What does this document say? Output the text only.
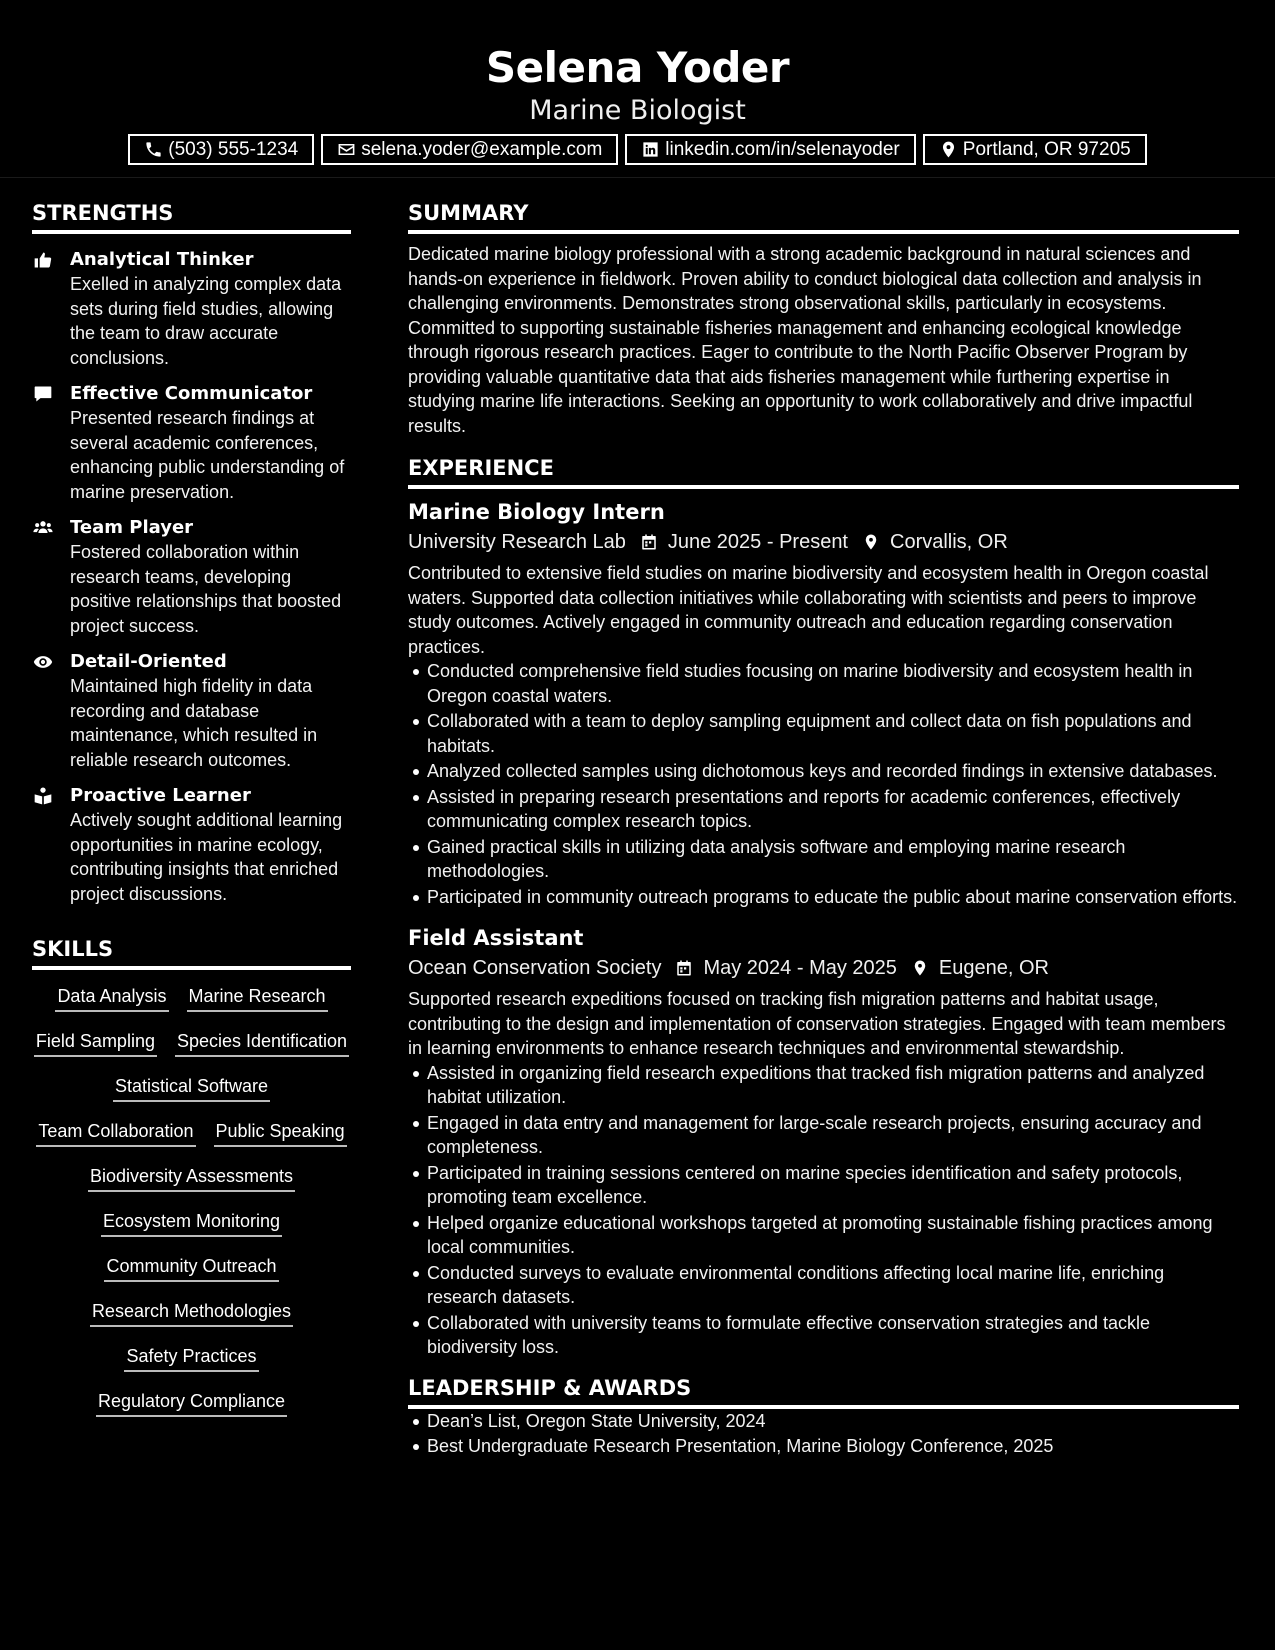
Selena Yoder
Marine Biologist
(503) 555-1234	selena.yoder@example.com	linkedin.com/in/selenayoder	Portland, OR 97205
STRENGTHS
Analytical Thinker
Exelled in analyzing complex data sets during field studies, allowing the team to draw accurate conclusions.
Effective Communicator
Presented research findings at several academic conferences, enhancing public understanding of marine preservation.
Team Player
Fostered collaboration within research teams, developing positive relationships that boosted project success.
Detail-Oriented
Maintained high fidelity in data recording and database maintenance, which resulted in reliable research outcomes.
Proactive Learner
Actively sought additional learning opportunities in marine ecology, contributing insights that enriched project discussions.
SKILLS
Data Analysis Marine Research
Field Sampling Species Identification
Statistical Software
Team Collaboration Public Speaking
Biodiversity Assessments
Ecosystem Monitoring
Community Outreach
Research Methodologies
Safety Practices
Regulatory Compliance
SUMMARY
Dedicated marine biology professional with a strong academic background in natural sciences and hands-on experience in fieldwork. Proven ability to conduct biological data collection and analysis in challenging environments. Demonstrates strong observational skills, particularly in ecosystems. Committed to supporting sustainable fisheries management and enhancing ecological knowledge through rigorous research practices. Eager to contribute to the North Pacific Observer Program by providing valuable quantitative data that aids fisheries management while furthering expertise in studying marine life interactions. Seeking an opportunity to work collaboratively and drive impactful results.
EXPERIENCE
Marine Biology Intern
University Research Lab June 2025 - Present Corvallis, OR
Contributed to extensive field studies on marine biodiversity and ecosystem health in Oregon coastal waters. Supported data collection initiatives while collaborating with scientists and peers to improve study outcomes. Actively engaged in community outreach and education regarding conservation practices.
Conducted comprehensive field studies focusing on marine biodiversity and ecosystem health in Oregon coastal waters.
Collaborated with a team to deploy sampling equipment and collect data on fish populations and habitats.
Analyzed collected samples using dichotomous keys and recorded findings in extensive databases.
Assisted in preparing research presentations and reports for academic conferences, effectively communicating complex research topics.
Gained practical skills in utilizing data analysis software and employing marine research methodologies.
Participated in community outreach programs to educate the public about marine conservation efforts.
Field Assistant
Ocean Conservation Society May 2024 - May 2025 Eugene, OR
Supported research expeditions focused on tracking fish migration patterns and habitat usage, contributing to the design and implementation of conservation strategies. Engaged with team members in learning environments to enhance research techniques and environmental stewardship.
Assisted in organizing field research expeditions that tracked fish migration patterns and analyzed habitat utilization.
Engaged in data entry and management for large-scale research projects, ensuring accuracy and completeness.
Participated in training sessions centered on marine species identification and safety protocols, promoting team excellence.
Helped organize educational workshops targeted at promoting sustainable fishing practices among local communities.
Conducted surveys to evaluate environmental conditions affecting local marine life, enriching research datasets.
Collaborated with university teams to formulate effective conservation strategies and tackle biodiversity loss.
LEADERSHIP & AWARDS
Dean’s List, Oregon State University, 2024
Best Undergraduate Research Presentation, Marine Biology Conference, 2025
